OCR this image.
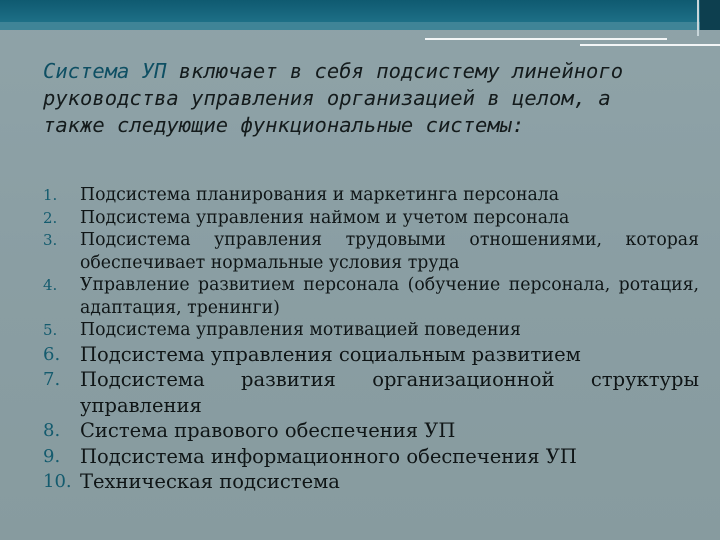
Система УП включает в себя подсистему линейного руководства управления организацией в целом, а также следующие функциональные системы:
1.	Подсистема планирования и маркетинга персонала
2.	Подсистема управления наймом и учетом персонала
3.	Подсистема управления трудовыми отношениями, которая обеспечивает нормальные условия труда
4.	Управление развитием персонала (обучение персонала, ротация, адаптация, тренинги)
5.	Подсистема управления мотивацией поведения
6.	Подсистема управления социальным развитием
7.	Подсистема развития организационной структуры управления
8.	Система правового обеспечения УП
9.	Подсистема информационного обеспечения УП
10. Техническая подсистема
